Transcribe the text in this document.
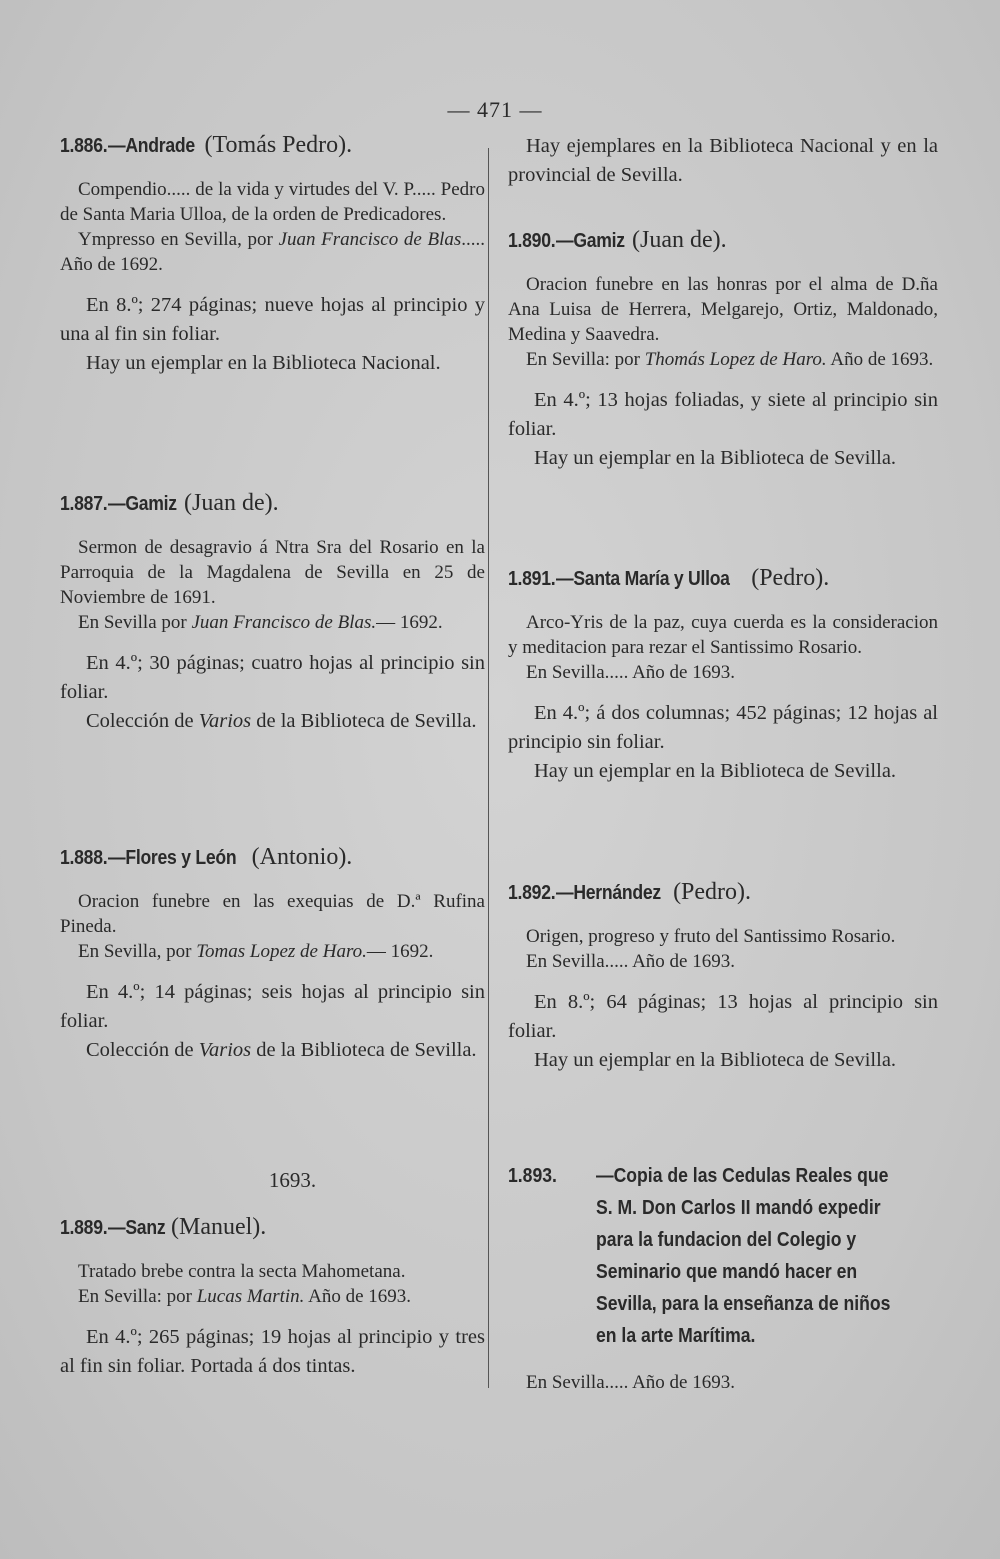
— 471 —

1.886.—Andrade (Tomás Pedro).

Compendio..... de la vida y virtudes del V. P..... Pedro de Santa Maria Ulloa, de la orden de Predicadores.

Ympresso en Sevilla, por Juan Francisco de Blas..... Año de 1692.

En 8.º; 274 páginas; nueve hojas al principio y una al fin sin foliar.

Hay un ejemplar en la Biblioteca Nacional.

1.887.—Gamiz (Juan de).

Sermon de desagravio á Ntra Sra del Rosario en la Parroquia de la Magdalena de Sevilla en 25 de Noviembre de 1691.

En Sevilla por Juan Francisco de Blas.— 1692.

En 4.º; 30 páginas; cuatro hojas al principio sin foliar.

Colección de Varios de la Biblioteca de Sevilla.

1.888.—Flores y León (Antonio).

Oracion funebre en las exequias de D.ª Rufina Pineda.

En Sevilla, por Tomas Lopez de Haro.— 1692.

En 4.º; 14 páginas; seis hojas al principio sin foliar.

Colección de Varios de la Biblioteca de Sevilla.

1693.

1.889.—Sanz (Manuel).

Tratado brebe contra la secta Mahometana.

En Sevilla: por Lucas Martin. Año de 1693.

En 4.º; 265 páginas; 19 hojas al principio y tres al fin sin foliar. Portada á dos tintas.

Hay ejemplares en la Biblioteca Nacional y en la provincial de Sevilla.

1.890.—Gamiz (Juan de).

Oracion funebre en las honras por el alma de D.ña Ana Luisa de Herrera, Melgarejo, Ortiz, Maldonado, Medina y Saavedra.

En Sevilla: por Thomás Lopez de Haro. Año de 1693.

En 4.º; 13 hojas foliadas, y siete al principio sin foliar.

Hay un ejemplar en la Biblioteca de Sevilla.

1.891.—Santa María y Ulloa (Pedro).

Arco-Yris de la paz, cuya cuerda es la consideracion y meditacion para rezar el Santissimo Rosario.

En Sevilla..... Año de 1693.

En 4.º; á dos columnas; 452 páginas; 12 hojas al principio sin foliar.

Hay un ejemplar en la Biblioteca de Sevilla.

1.892.—Hernández (Pedro).

Origen, progreso y fruto del Santissimo Rosario.

En Sevilla..... Año de 1693.

En 8.º; 64 páginas; 13 hojas al principio sin foliar.

Hay un ejemplar en la Biblioteca de Sevilla.

1.893.	—Copia de las Cedulas Reales que S. M. Don Carlos II mandó expedir para la fundacion del Colegio y Seminario que mandó hacer en Sevilla, para la enseñanza de niños en la arte Marítima.

En Sevilla..... Año de 1693.
